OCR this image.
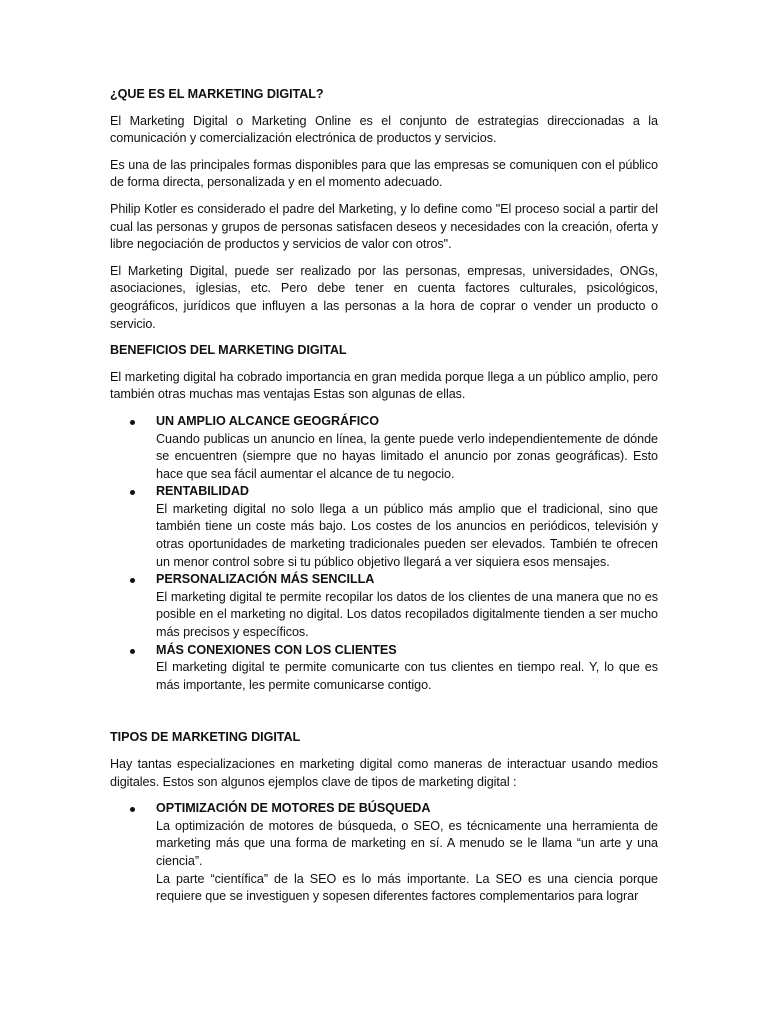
¿QUE ES EL MARKETING DIGITAL?

El Marketing Digital o Marketing Online es el conjunto de estrategias direccionadas a la comunicación y comercialización electrónica de productos y servicios.

Es una de las principales formas disponibles para que las empresas se comuniquen con el público de forma directa, personalizada y en el momento adecuado.

Philip Kotler es considerado el padre del Marketing, y lo define como "El proceso social a partir del cual las personas y grupos de personas satisfacen deseos y necesidades con la creación, oferta y libre negociación de productos y servicios de valor con otros".

El Marketing Digital, puede ser realizado por las personas, empresas, universidades, ONGs, asociaciones, iglesias, etc. Pero debe tener en cuenta factores culturales, psicológicos, geográficos, jurídicos que influyen a las personas a la hora de coprar o vender un producto o servicio.

BENEFICIOS DEL MARKETING DIGITAL

El marketing digital ha cobrado importancia en gran medida porque llega a un público amplio, pero también otras muchas mas ventajas Estas son algunas de ellas.

UN AMPLIO ALCANCE GEOGRÁFICO
Cuando publicas un anuncio en línea, la gente puede verlo independientemente de dónde se encuentren (siempre que no hayas limitado el anuncio por zonas geográficas). Esto hace que sea fácil aumentar el alcance de tu negocio.
RENTABILIDAD
El marketing digital no solo llega a un público más amplio que el tradicional, sino que también tiene un coste más bajo. Los costes de los anuncios en periódicos, televisión y otras oportunidades de marketing tradicionales pueden ser elevados. También te ofrecen un menor control sobre si tu público objetivo llegará a ver siquiera esos mensajes.
PERSONALIZACIÓN MÁS SENCILLA
El marketing digital te permite recopilar los datos de los clientes de una manera que no es posible en el marketing no digital. Los datos recopilados digitalmente tienden a ser mucho más precisos y específicos.
MÁS CONEXIONES CON LOS CLIENTES
El marketing digital te permite comunicarte con tus clientes en tiempo real. Y, lo que es más importante, les permite comunicarse contigo.

TIPOS DE MARKETING DIGITAL

Hay tantas especializaciones en marketing digital como maneras de interactuar usando medios digitales. Estos son algunos ejemplos clave de tipos de marketing digital :

OPTIMIZACIÓN DE MOTORES DE BÚSQUEDA
La optimización de motores de búsqueda, o SEO, es técnicamente una herramienta de marketing más que una forma de marketing en sí. A menudo se le llama “un arte y una ciencia”.
La parte “científica” de la SEO es lo más importante. La SEO es una ciencia porque requiere que se investiguen y sopesen diferentes factores complementarios para lograr
